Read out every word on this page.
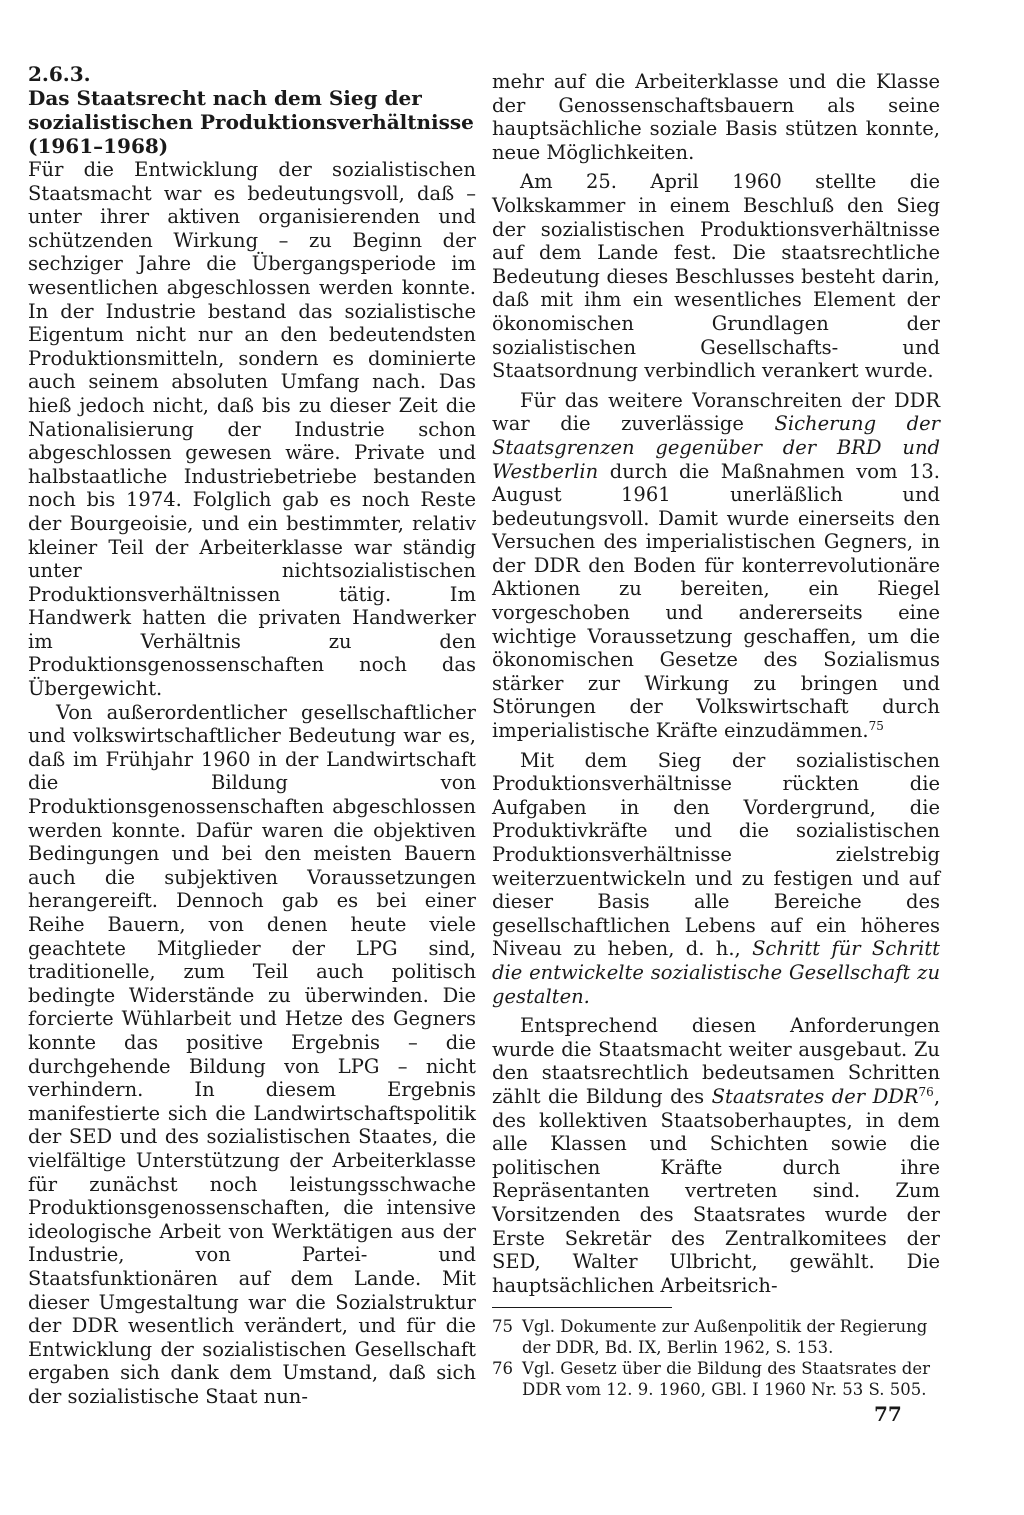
2.6.3.
Das Staatsrecht nach dem Sieg der sozialistischen Produktionsverhältnisse (1961–1968)

Für die Entwicklung der sozialistischen Staatsmacht war es bedeutungsvoll, daß – unter ihrer aktiven organisierenden und schützenden Wirkung – zu Beginn der sechziger Jahre die Übergangsperiode im wesentlichen abgeschlossen werden konnte. In der Industrie bestand das sozialistische Eigentum nicht nur an den bedeutendsten Produktionsmitteln, sondern es dominierte auch seinem absoluten Umfang nach. Das hieß jedoch nicht, daß bis zu dieser Zeit die Nationalisierung der Industrie schon abgeschlossen gewesen wäre. Private und halbstaatliche Industriebetriebe bestanden noch bis 1974. Folglich gab es noch Reste der Bourgeoisie, und ein bestimmter, relativ kleiner Teil der Arbeiterklasse war ständig unter nichtsozialistischen Produktionsverhältnissen tätig. Im Handwerk hatten die privaten Handwerker im Verhältnis zu den Produktionsgenossenschaften noch das Übergewicht.

Von außerordentlicher gesellschaftlicher und volkswirtschaftlicher Bedeutung war es, daß im Frühjahr 1960 in der Landwirtschaft die Bildung von Produktionsgenossenschaften abgeschlossen werden konnte. Dafür waren die objektiven Bedingungen und bei den meisten Bauern auch die subjektiven Voraussetzungen herangereift. Dennoch gab es bei einer Reihe Bauern, von denen heute viele geachtete Mitglieder der LPG sind, traditionelle, zum Teil auch politisch bedingte Widerstände zu überwinden. Die forcierte Wühlarbeit und Hetze des Gegners konnte das positive Ergebnis – die durchgehende Bildung von LPG – nicht verhindern. In diesem Ergebnis manifestierte sich die Landwirtschaftspolitik der SED und des sozialistischen Staates, die vielfältige Unterstützung der Arbeiterklasse für zunächst noch leistungsschwache Produktionsgenossenschaften, die intensive ideologische Arbeit von Werktätigen aus der Industrie, von Partei- und Staatsfunktionären auf dem Lande. Mit dieser Umgestaltung war die Sozialstruktur der DDR wesentlich verändert, und für die Entwicklung der sozialistischen Gesellschaft ergaben sich dank dem Umstand, daß sich der sozialistische Staat nun-

mehr auf die Arbeiterklasse und die Klasse der Genossenschaftsbauern als seine hauptsächliche soziale Basis stützen konnte, neue Möglichkeiten.

Am 25. April 1960 stellte die Volkskammer in einem Beschluß den Sieg der sozialistischen Produktionsverhältnisse auf dem Lande fest. Die staatsrechtliche Bedeutung dieses Beschlusses besteht darin, daß mit ihm ein wesentliches Element der ökonomischen Grundlagen der sozialistischen Gesellschafts- und Staatsordnung verbindlich verankert wurde.

Für das weitere Voranschreiten der DDR war die zuverlässige Sicherung der Staatsgrenzen gegenüber der BRD und Westberlin durch die Maßnahmen vom 13. August 1961 unerläßlich und bedeutungsvoll. Damit wurde einerseits den Versuchen des imperialistischen Gegners, in der DDR den Boden für konterrevolutionäre Aktionen zu bereiten, ein Riegel vorgeschoben und andererseits eine wichtige Voraussetzung geschaffen, um die ökonomischen Gesetze des Sozialismus stärker zur Wirkung zu bringen und Störungen der Volkswirtschaft durch imperialistische Kräfte einzudämmen.$^{75}$

Mit dem Sieg der sozialistischen Produktionsverhältnisse rückten die Aufgaben in den Vordergrund, die Produktivkräfte und die sozialistischen Produktionsverhältnisse zielstrebig weiterzuentwickeln und zu festigen und auf dieser Basis alle Bereiche des gesellschaftlichen Lebens auf ein höheres Niveau zu heben, d. h., Schritt für Schritt die entwickelte sozialistische Gesellschaft zu gestalten.

Entsprechend diesen Anforderungen wurde die Staatsmacht weiter ausgebaut. Zu den staatsrechtlich bedeutsamen Schritten zählt die Bildung des Staatsrates der DDR$^{76}$, des kollektiven Staatsoberhauptes, in dem alle Klassen und Schichten sowie die politischen Kräfte durch ihre Repräsentanten vertreten sind. Zum Vorsitzenden des Staatsrates wurde der Erste Sekretär des Zentralkomitees der SED, Walter Ulbricht, gewählt. Die hauptsächlichen Arbeitsrich-

75 Vgl. Dokumente zur Außenpolitik der Regierung der DDR, Bd. IX, Berlin 1962, S. 153.
76 Vgl. Gesetz über die Bildung des Staatsrates der DDR vom 12. 9. 1960, GBl. I 1960 Nr. 53 S. 505.
77
